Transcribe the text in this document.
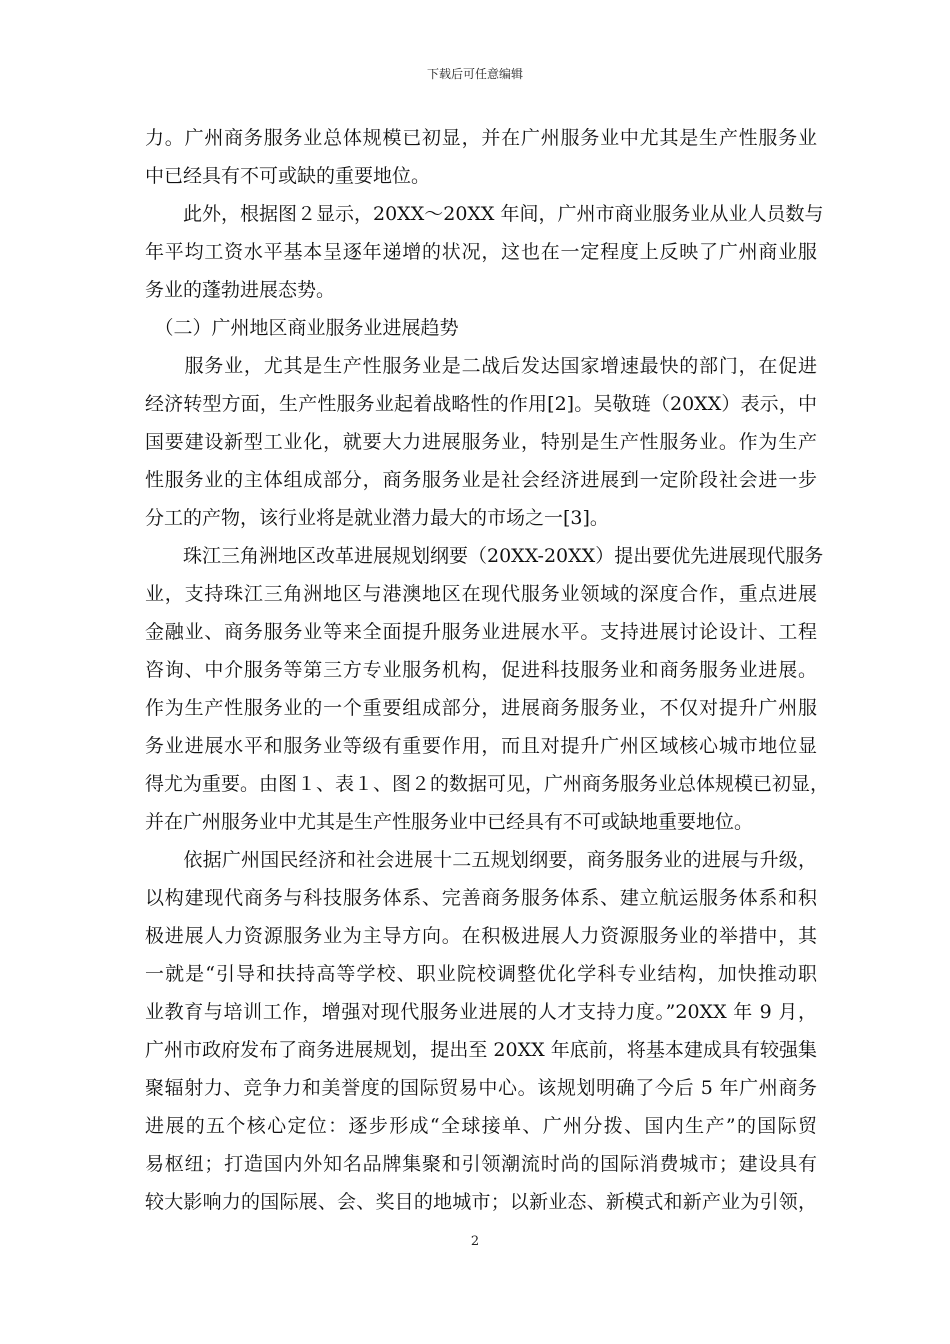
下载后可任意编辑
力。广州商务服务业总体规模已初显，并在广州服务业中尤其是生产性服务业
中已经具有不可或缺的重要地位。
　　此外，根据图２显示，20XX～20XX 年间，广州市商业服务业从业人员数与
年平均工资水平基本呈逐年递增的状况，这也在一定程度上反映了广州商业服
务业的蓬勃进展态势。
　（二）广州地区商业服务业进展趋势
　　服务业，尤其是生产性服务业是二战后发达国家增速最快的部门，在促进
经济转型方面，生产性服务业起着战略性的作用[2]。吴敬琏（20XX）表示，中
国要建设新型工业化，就要大力进展服务业，特别是生产性服务业。作为生产
性服务业的主体组成部分，商务服务业是社会经济进展到一定阶段社会进一步
分工的产物，该行业将是就业潜力最大的市场之一[3]。
　　珠江三角洲地区改革进展规划纲要（20XX-20XX）提出要优先进展现代服务
业，支持珠江三角洲地区与港澳地区在现代服务业领域的深度合作，重点进展
金融业、商务服务业等来全面提升服务业进展水平。支持进展讨论设计、工程
咨询、中介服务等第三方专业服务机构，促进科技服务业和商务服务业进展。
作为生产性服务业的一个重要组成部分，进展商务服务业，不仅对提升广州服
务业进展水平和服务业等级有重要作用，而且对提升广州区域核心城市地位显
得尤为重要。由图１、表１、图２的数据可见，广州商务服务业总体规模已初显，
并在广州服务业中尤其是生产性服务业中已经具有不可或缺地重要地位。
　　依据广州国民经济和社会进展十二五规划纲要，商务服务业的进展与升级，
以构建现代商务与科技服务体系、完善商务服务体系、建立航运服务体系和积
极进展人力资源服务业为主导方向。在积极进展人力资源服务业的举措中，其
一就是“引导和扶持高等学校、职业院校调整优化学科专业结构，加快推动职
业教育与培训工作，增强对现代服务业进展的人才支持力度。”20XX 年 9 月，
广州市政府发布了商务进展规划，提出至 20XX 年底前，将基本建成具有较强集
聚辐射力、竞争力和美誉度的国际贸易中心。该规划明确了今后 5 年广州商务
进展的五个核心定位：逐步形成“全球接单、广州分拨、国内生产”的国际贸
易枢纽；打造国内外知名品牌集聚和引领潮流时尚的国际消费城市；建设具有
较大影响力的国际展、会、奖目的地城市；以新业态、新模式和新产业为引领，
2
